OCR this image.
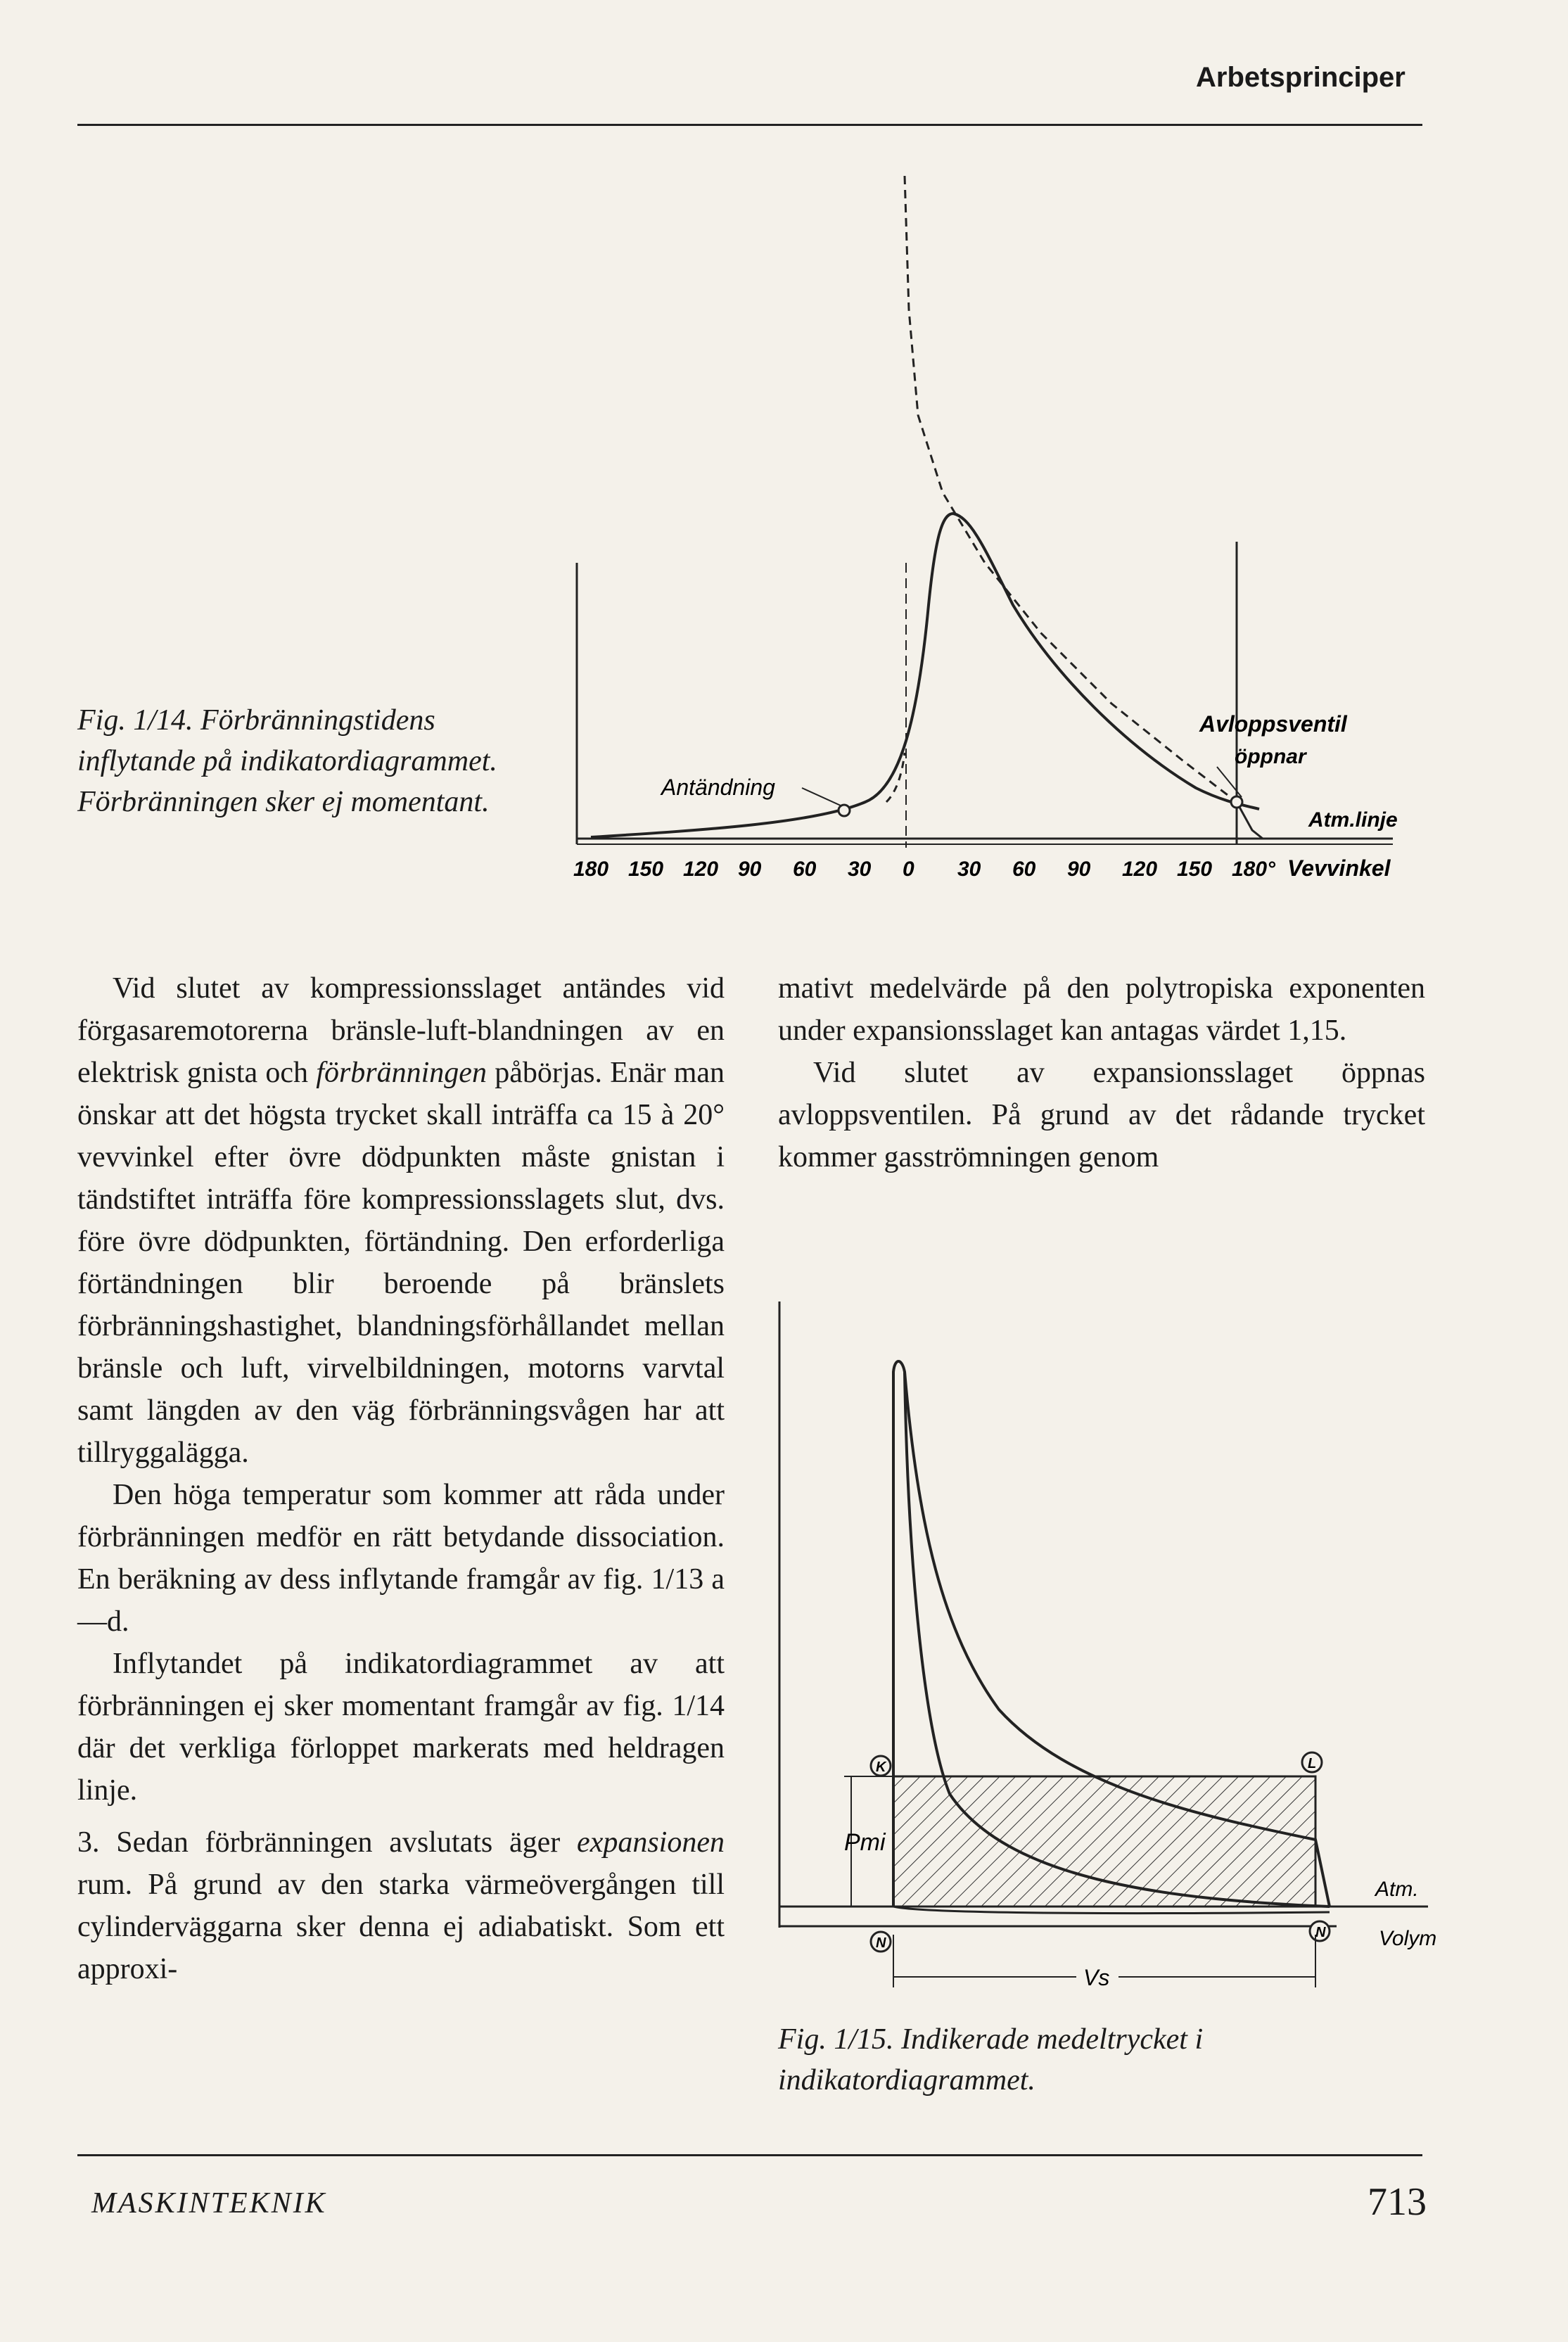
Arbetsprinciper
Fig. 1/14. Förbränningstidens inflytande på indikatordiagrammet. Förbränningen sker ej momentant.	Antändning
Avloppsventil
öppnar
Atm.linje
Vevvinkel
180 150 120 90 60 30 0 30 60 90 120 150 180°

Vid slutet av kompressionsslaget antändes vid förgasaremotorerna bränsle-luft-blandningen av en elektrisk gnista och förbränningen påbörjas. Enär man önskar att det högsta trycket skall inträffa ca 15 à 20° vevvinkel efter övre dödpunkten måste gnistan i tändstiftet inträffa före kompressionsslagets slut, dvs. före övre dödpunkten, förtändning. Den erforderliga förtändningen blir beroende på bränslets förbränningshastighet, blandningsförhållandet mellan bränsle och luft, virvelbildningen, motorns varvtal samt längden av den väg förbränningsvågen har att tillryggalägga.

Den höga temperatur som kommer att råda under förbränningen medför en rätt betydande dissociation. En beräkning av dess inflytande framgår av fig. 1/13 a—d.

Inflytandet på indikatordiagrammet av att förbränningen ej sker momentant framgår av fig. 1/14 där det verkliga förloppet markerats med heldragen linje.

3. Sedan förbränningen avslutats äger expansionen rum. På grund av den starka värmeövergången till cylinderväggarna sker denna ej adiabatiskt. Som ett approxi-

mativt medelvärde på den polytropiska exponenten under expansionsslaget kan antagas värdet 1,15.

Vid slutet av expansionsslaget öppnas avloppsventilen. På grund av det rådande trycket kommer gasströmningen genom

K	L
N
N
Pmi
Atm.
Volym
Vs
Fig. 1/15. Indikerade medeltrycket i indikatordiagrammet.
MASKINTEKNIK	713
